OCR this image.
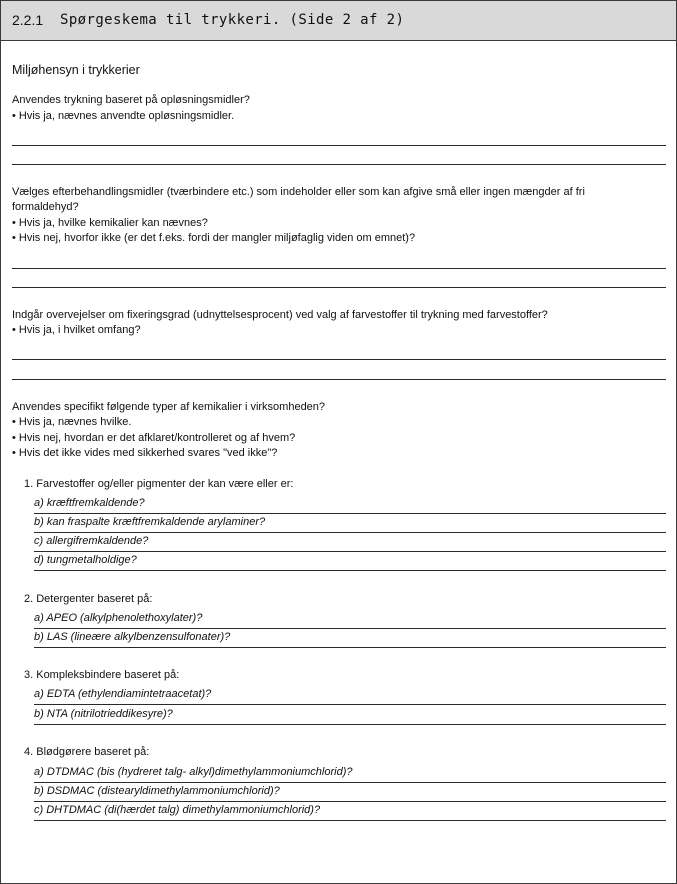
2.2.1 Spørgeskema til trykkeri. (Side 2 af 2)
Miljøhensyn i trykkerier
Anvendes trykning baseret på opløsningsmidler?
• Hvis ja, nævnes anvendte opløsningsmidler.
Vælges efterbehandlingsmidler (tværbindere etc.) som indeholder eller som kan afgive små eller ingen mængder af fri
formaldehyd?
• Hvis ja, hvilke kemikalier kan nævnes?
• Hvis nej, hvorfor ikke (er det f.eks. fordi der mangler miljøfaglig viden om emnet)?
Indgår overvejelser om fixeringsgrad (udnyttelsesprocent) ved valg af farvestoffer til trykning med farvestoffer?
• Hvis ja, i hvilket omfang?
Anvendes specifikt følgende typer af kemikalier i virksomheden?
• Hvis ja, nævnes hvilke.
• Hvis nej, hvordan er det afklaret/kontrolleret og af hvem?
• Hvis det ikke vides med sikkerhed svares "ved ikke"?
1. Farvestoffer og/eller pigmenter der kan være eller er:
a) kræftfremkaldende?
b) kan fraspalte kræftfremkaldende arylaminer?
c) allergifremkaldende?
d) tungmetalholdige?
2. Detergenter baseret på:
a) APEO (alkylphenolethoxylater)?
b) LAS (lineære alkylbenzensulfonater)?
3. Kompleksbindere baseret på:
a) EDTA (ethylendiamintetraacetat)?
b) NTA (nitrilotrieddikesyre)?
4. Blødgørere baseret på:
a) DTDMAC (bis (hydreret talg- alkyl)dimethylammoniumchlorid)?
b) DSDMAC (distearyldimethylammoniumchlorid)?
c) DHTDMAC (di(hærdet talg) dimethylammoniumchlorid)?
